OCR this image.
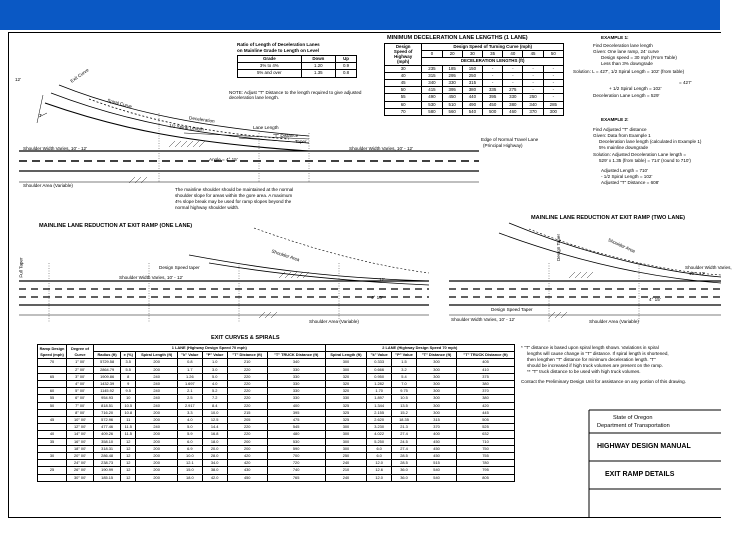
Ratio of Length of Deceleration Lanes
on Mainline Grade to Length on Level
Grade	Down	Up
3% to 4%	1.20	0.9
5% and over	1.35	0.8
NOTE: Adjust "T" Distance to the length required to give adjusted deceleration lane length.
MINIMUM DECELERATION LANE LENGTHS (1 LANE)
Design
Speed of
Highway
(mph)	Design Speed of Turning Curve (mph)						
	0	20	30	35	40	45	50
	DECELERATION LENGTHS (ft)						
30	235	185	150	-	-	-	-
40	315	295	250	-	-	-	-
45	340	330	315	-	-	-	-
50	415	395	380	335	275	-	-
55	490	450	440	395	330	250	-
60	530	510	490	450	380	340	285
70	580	560	540	500	460	370	300
EXAMPLE 1:
Find Deceleration lane length
Given: One lane ramp, 24' curve
Design speed = 30 mph (From Table)
Less than 3% downgrade
Solution: L = 427', 1/2 Spiral Length = 102' (from table)
= 427'
+ 1/2 Spiral Length = 102'
Deceleration Lane Length = 529'
EXAMPLE 2:
Find Adjusted "T" distance
Given: Data from Example 1
Deceleration lane length (calculated in Example 1)
5% mainline downgrade
Solution: Adjusted Deceleration Lane length =
529' x 1.35 (from table) = 714' (round to 710')
Adjusted Length = 710'
- 1/2 Spiral Length = 102'
Adjusted "T" Distance = 608'
12'	Exit Curve
Spiral Curve
T	Deceleration
1/2 Spiral Length	Lane Length
"T" Distance
Taper
Shoulder Width Varies, 10' - 12'	Shoulder Width Varies, 10' - 12'
Edge of Normal Travel Lane
(Principal Highway)
Angle = 4° 15'
Shoulder Area (Variable)
The mainline shoulder should be maintained at the normal
shoulder slope for areas within the gore area. A maximum
4% slope break may be used for ramp slopes beyond the
normal highway shoulder width.
MAINLINE LANE REDUCTION AT EXIT RAMP (ONE LANE)
Full Taper
Shoulder Area
Design Speed taper
Shoulder Width Varies, 10' - 12'	12'
4° 15'
Shoulder Area (Variable)
MAINLINE LANE REDUCTION AT EXIT RAMP (TWO LANE)
Design Taper	Shoulder Area
Design Speed Taper
Shoulder Width Varies, 10' - 12'
Shoulder Width Varies,
10' - 12'
4° 15'
Shoulder Area (Variable)
EXIT CURVES & SPIRALS
Ramp Design Speed (mph)	Degree of Curve	1 LANE (Highway Design Speed 70 mph)							2 LANE (Highway Design Speed 70 mph)				
		Radius (ft)	e (%)	Spiral Length (ft)	"k" Value	"P" Value	"T" Distance (ft)	"T" TRUCK Distance (ft)	Spiral Length (ft)	"k" Value	"P" Value	"T" Distance (ft)	"T" TRUCK Distance (ft)
70	1° 00'	5729.58	3.5	200	0.8	1.0	210	340	300	0.333	1.5	300	405
	2° 00'	2864.79	5.5	200	1.7	3.0	220	330	300	0.666	3.2	300	410
65	3° 00'	1909.86	8	240	1.26	5.0	220	330	320	0.950	5.4	300	375
	4° 00'	1432.39	9	240	1.697	4.0	220	330	320	1.282	7.0	300	380
60	5° 00'	1145.92	9.5	240	2.1	5.2	220	330	320	1.70	9.75	300	370
55	6° 00'	954.93	10	240	2.5	7.2	220	330	330	1.897	10.5	300	380
50	7° 00'	818.51	10.5	240	2.917	8.4	220	400	325	1.344	13.5	300	420
	8° 00'	716.20	10.8	200	3.3	10.0	215	395	325	2.155	15.2	300	445
45	10° 00'	572.96	11	200	4.0	12.5	205	475	325	2.620	18.35	315	505
	12° 00'	477.46	11.5	240	5.0	14.4	220	545	300	3.230	21.3	370	525
40	14° 00'	409.26	11.5	200	5.9	16.8	220	480	300	4.022	27.4	400	632
35	16° 00'	358.10	12	200	6.0	18.0	200	530	300	5.250	24.5	450	710
	18° 00'	318.31	12	200	6.9	20.0	200	590	300	6.0	27.4	450	750
30	20° 00'	286.48	12	200	10.0	28.0	420	700	250	6.0	28.5	450	755
	24° 00'	238.73	12	200	12.1	34.0	420	720	240	12.0	28.5	515	780
25	26° 00'	190.99	12	200	15.0	38.0	430	740	210	12.6	36.0	540	795
	30° 00'	185.15	12	200	18.0	42.0	450	765	240	12.0	36.0	540	805
* "T" distance is based upon spiral length shown. Variations in spiral
lengths will cause change in "T" distance. If spiral length is shortened,
then lengthen "T" distance for minimum deceleration length. "T"
should be increased if high truck volumes are present on the ramp.
** "T" truck distance to be used with high truck volumes.
Contact the Preliminary Design Unit for assistance on any portion of this drawing.
State of Oregon
Department of Transportation
HIGHWAY DESIGN MANUAL
EXIT RAMP DETAILS
